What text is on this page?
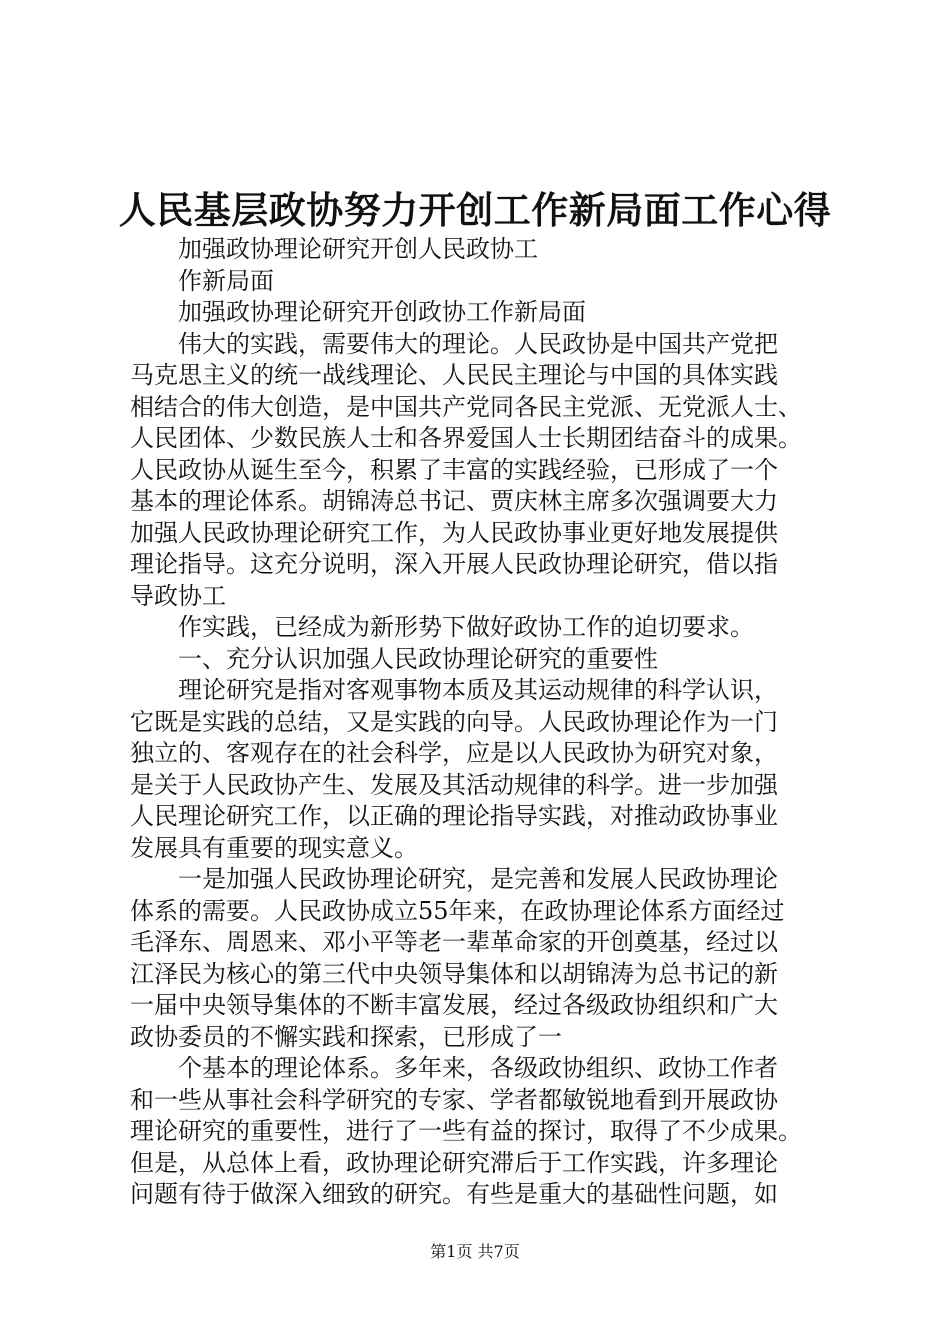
人民基层政协努力开创工作新局面工作心得
加强政协理论研究开创人民政协工
作新局面
加强政协理论研究开创政协工作新局面
伟大的实践，需要伟大的理论。人民政协是中国共产党把
马克思主义的统一战线理论、人民民主理论与中国的具体实践
相结合的伟大创造，是中国共产党同各民主党派、无党派人士、
人民团体、少数民族人士和各界爱国人士长期团结奋斗的成果。
人民政协从诞生至今，积累了丰富的实践经验，已形成了一个
基本的理论体系。胡锦涛总书记、贾庆林主席多次强调要大力
加强人民政协理论研究工作，为人民政协事业更好地发展提供
理论指导。这充分说明，深入开展人民政协理论研究，借以指
导政协工
作实践，已经成为新形势下做好政协工作的迫切要求。
一、充分认识加强人民政协理论研究的重要性
理论研究是指对客观事物本质及其运动规律的科学认识，
它既是实践的总结，又是实践的向导。人民政协理论作为一门
独立的、客观存在的社会科学，应是以人民政协为研究对象，
是关于人民政协产生、发展及其活动规律的科学。进一步加强
人民理论研究工作，以正确的理论指导实践，对推动政协事业
发展具有重要的现实意义。
一是加强人民政协理论研究，是完善和发展人民政协理论
体系的需要。人民政协成立55年来，在政协理论体系方面经过
毛泽东、周恩来、邓小平等老一辈革命家的开创奠基，经过以
江泽民为核心的第三代中央领导集体和以胡锦涛为总书记的新
一届中央领导集体的不断丰富发展，经过各级政协组织和广大
政协委员的不懈实践和探索，已形成了一
个基本的理论体系。多年来，各级政协组织、政协工作者
和一些从事社会科学研究的专家、学者都敏锐地看到开展政协
理论研究的重要性，进行了一些有益的探讨，取得了不少成果。
但是，从总体上看，政协理论研究滞后于工作实践，许多理论
问题有待于做深入细致的研究。有些是重大的基础性问题，如
第1页 共7页
